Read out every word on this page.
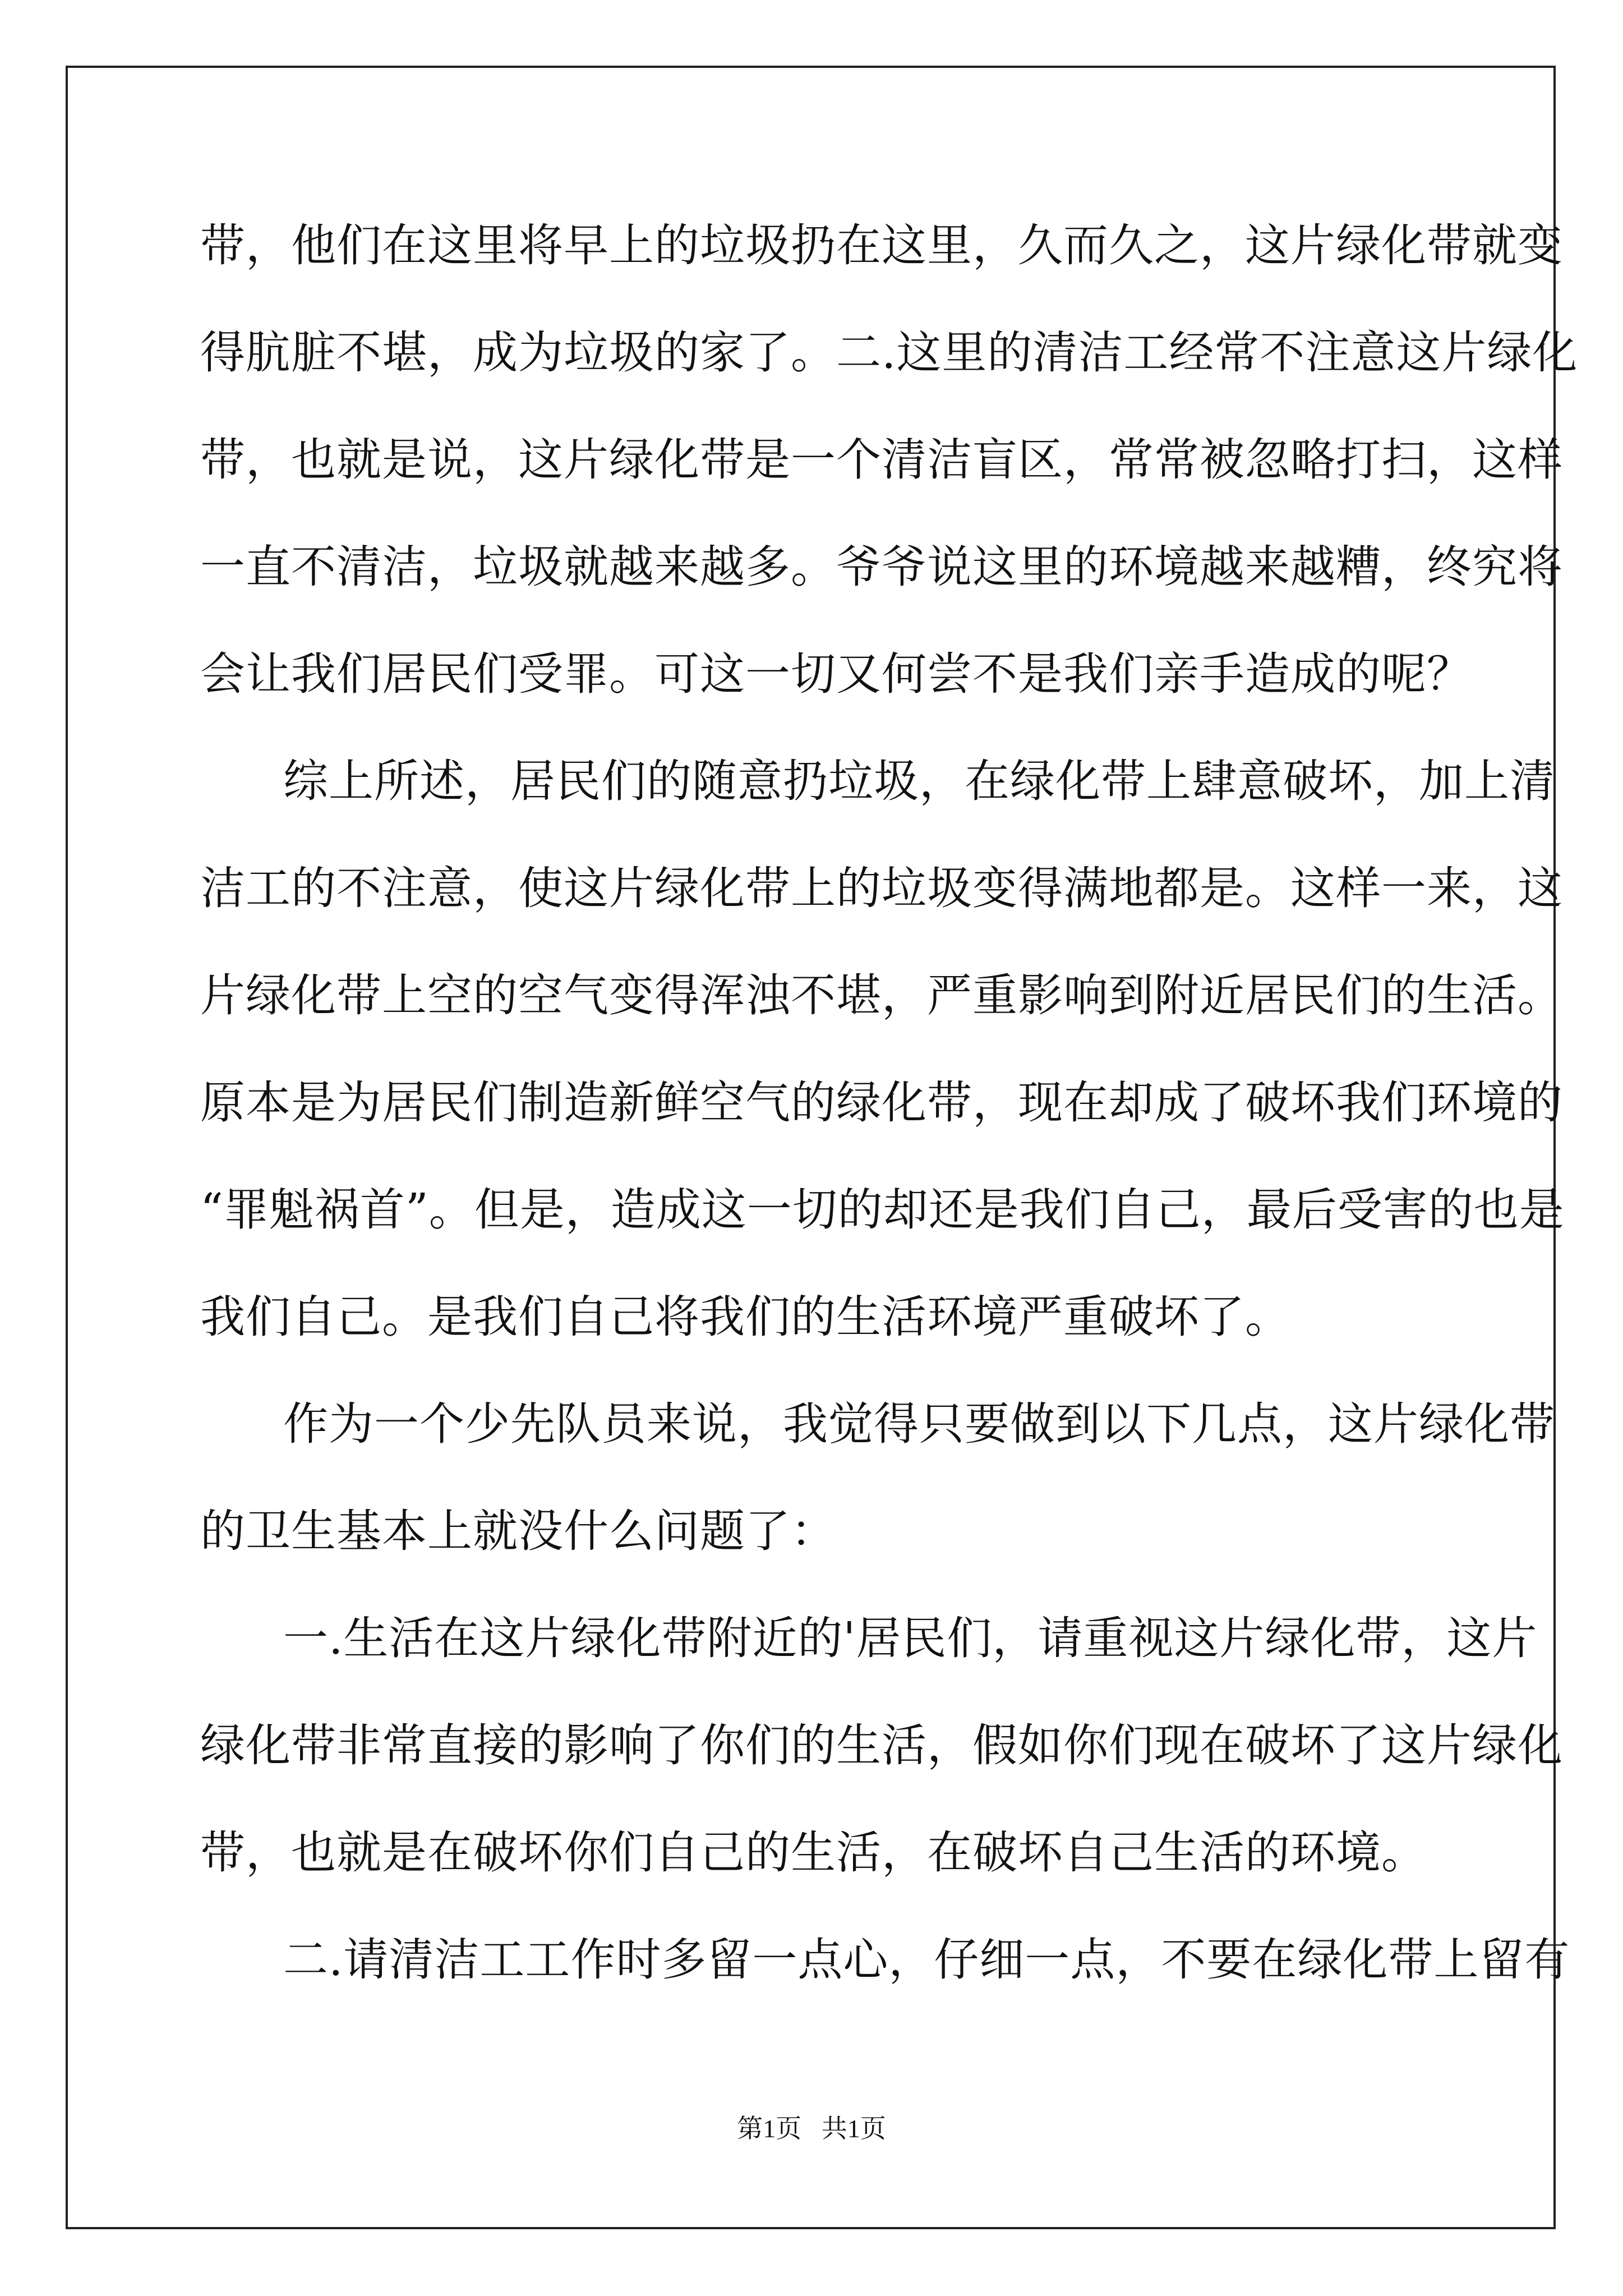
带，他们在这里将早上的垃圾扔在这里，久而久之，这片绿化带就变
得肮脏不堪，成为垃圾的家了。二.这里的清洁工经常不注意这片绿化
带，也就是说，这片绿化带是一个清洁盲区，常常被忽略打扫，这样
一直不清洁，垃圾就越来越多。爷爷说这里的环境越来越糟，终究将
会让我们居民们受罪。可这一切又何尝不是我们亲手造成的呢？
综上所述，居民们的随意扔垃圾，在绿化带上肆意破坏，加上清
洁工的不注意，使这片绿化带上的垃圾变得满地都是。这样一来，这
片绿化带上空的空气变得浑浊不堪，严重影响到附近居民们的生活。
原本是为居民们制造新鲜空气的绿化带，现在却成了破坏我们环境的
“罪魁祸首”。但是，造成这一切的却还是我们自己，最后受害的也是
我们自己。是我们自己将我们的生活环境严重破坏了。
作为一个少先队员来说，我觉得只要做到以下几点，这片绿化带
的卫生基本上就没什么问题了：
一.生活在这片绿化带附近的'居民们，请重视这片绿化带，这片
绿化带非常直接的影响了你们的生活，假如你们现在破坏了这片绿化
带，也就是在破坏你们自己的生活，在破坏自己生活的环境。
二.请清洁工工作时多留一点心，仔细一点，不要在绿化带上留有
第1页 共1页
